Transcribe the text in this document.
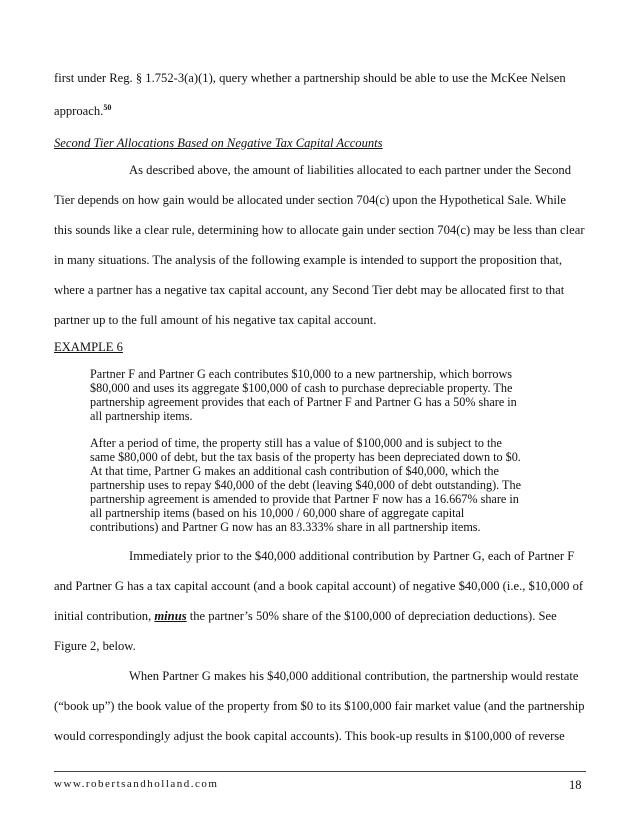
first under Reg. § 1.752-3(a)(1), query whether a partnership should be able to use the McKee Nelsen
approach.$^{50}$
Second Tier Allocations Based on Negative Tax Capital Accounts
As described above, the amount of liabilities allocated to each partner under the Second
Tier depends on how gain would be allocated under section 704(c) upon the Hypothetical Sale. While
this sounds like a clear rule, determining how to allocate gain under section 704(c) may be less than clear
in many situations. The analysis of the following example is intended to support the proposition that,
where a partner has a negative tax capital account, any Second Tier debt may be allocated first to that
partner up to the full amount of his negative tax capital account.
EXAMPLE 6
Partner F and Partner G each contributes $10,000 to a new partnership, which borrows
$80,000 and uses its aggregate $100,000 of cash to purchase depreciable property. The
partnership agreement provides that each of Partner F and Partner G has a 50% share in
all partnership items.
After a period of time, the property still has a value of $100,000 and is subject to the
same $80,000 of debt, but the tax basis of the property has been depreciated down to $0.
At that time, Partner G makes an additional cash contribution of $40,000, which the
partnership uses to repay $40,000 of the debt (leaving $40,000 of debt outstanding). The
partnership agreement is amended to provide that Partner F now has a 16.667% share in
all partnership items (based on his 10,000 / 60,000 share of aggregate capital
contributions) and Partner G now has an 83.333% share in all partnership items.
Immediately prior to the $40,000 additional contribution by Partner G, each of Partner F
and Partner G has a tax capital account (and a book capital account) of negative $40,000 (i.e., $10,000 of
initial contribution, minus the partner’s 50% share of the $100,000 of depreciation deductions). See
Figure 2, below.
When Partner G makes his $40,000 additional contribution, the partnership would restate
(“book up”) the book value of the property from $0 to its $100,000 fair market value (and the partnership
would correspondingly adjust the book capital accounts). This book-up results in $100,000 of reverse
www.robertsandholland.com	18
